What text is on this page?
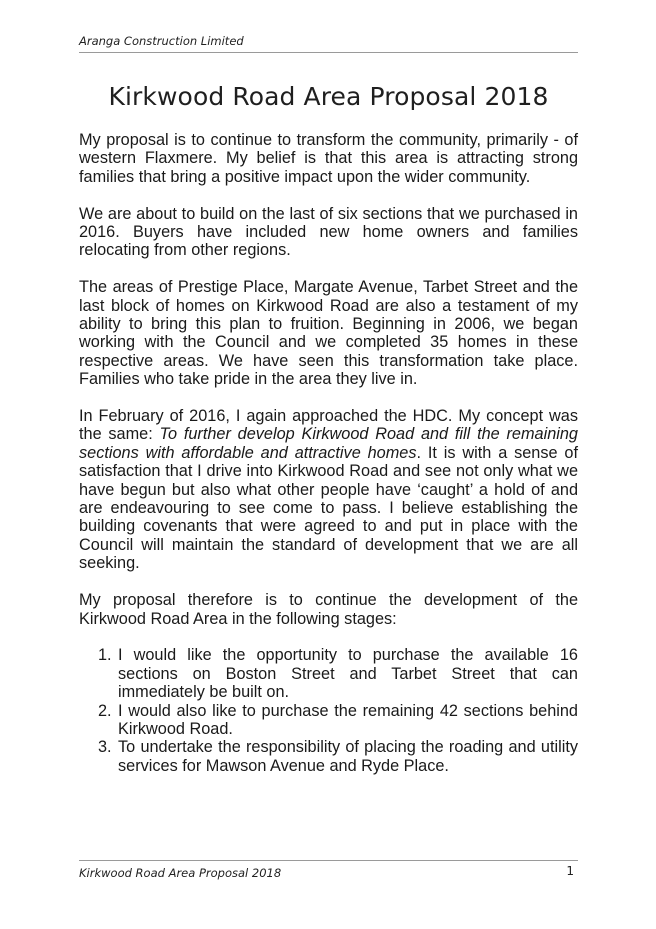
Aranga Construction Limited
Kirkwood Road Area Proposal 2018

My proposal is to continue to transform the community, primarily - of western Flaxmere. My belief is that this area is attracting strong families that bring a positive impact upon the wider community.

We are about to build on the last of six sections that we purchased in 2016. Buyers have included new home owners and families relocating from other regions.

The areas of Prestige Place, Margate Avenue, Tarbet Street and the last block of homes on Kirkwood Road are also a testament of my ability to bring this plan to fruition. Beginning in 2006, we began working with the Council and we completed 35 homes in these respective areas. We have seen this transformation take place. Families who take pride in the area they live in.

In February of 2016, I again approached the HDC. My concept was the same: To further develop Kirkwood Road and fill the remaining sections with affordable and attractive homes. It is with a sense of satisfaction that I drive into Kirkwood Road and see not only what we have begun but also what other people have ‘caught’ a hold of and are endeavouring to see come to pass. I believe establishing the building covenants that were agreed to and put in place with the Council will maintain the standard of development that we are all seeking.

My proposal therefore is to continue the development of the Kirkwood Road Area in the following stages:

1. I would like the opportunity to purchase the available 16 sections on Boston Street and Tarbet Street that can immediately be built on.
2. I would also like to purchase the remaining 42 sections behind Kirkwood Road.
3. To undertake the responsibility of placing the roading and utility services for Mawson Avenue and Ryde Place.
Kirkwood Road Area Proposal 2018	1
